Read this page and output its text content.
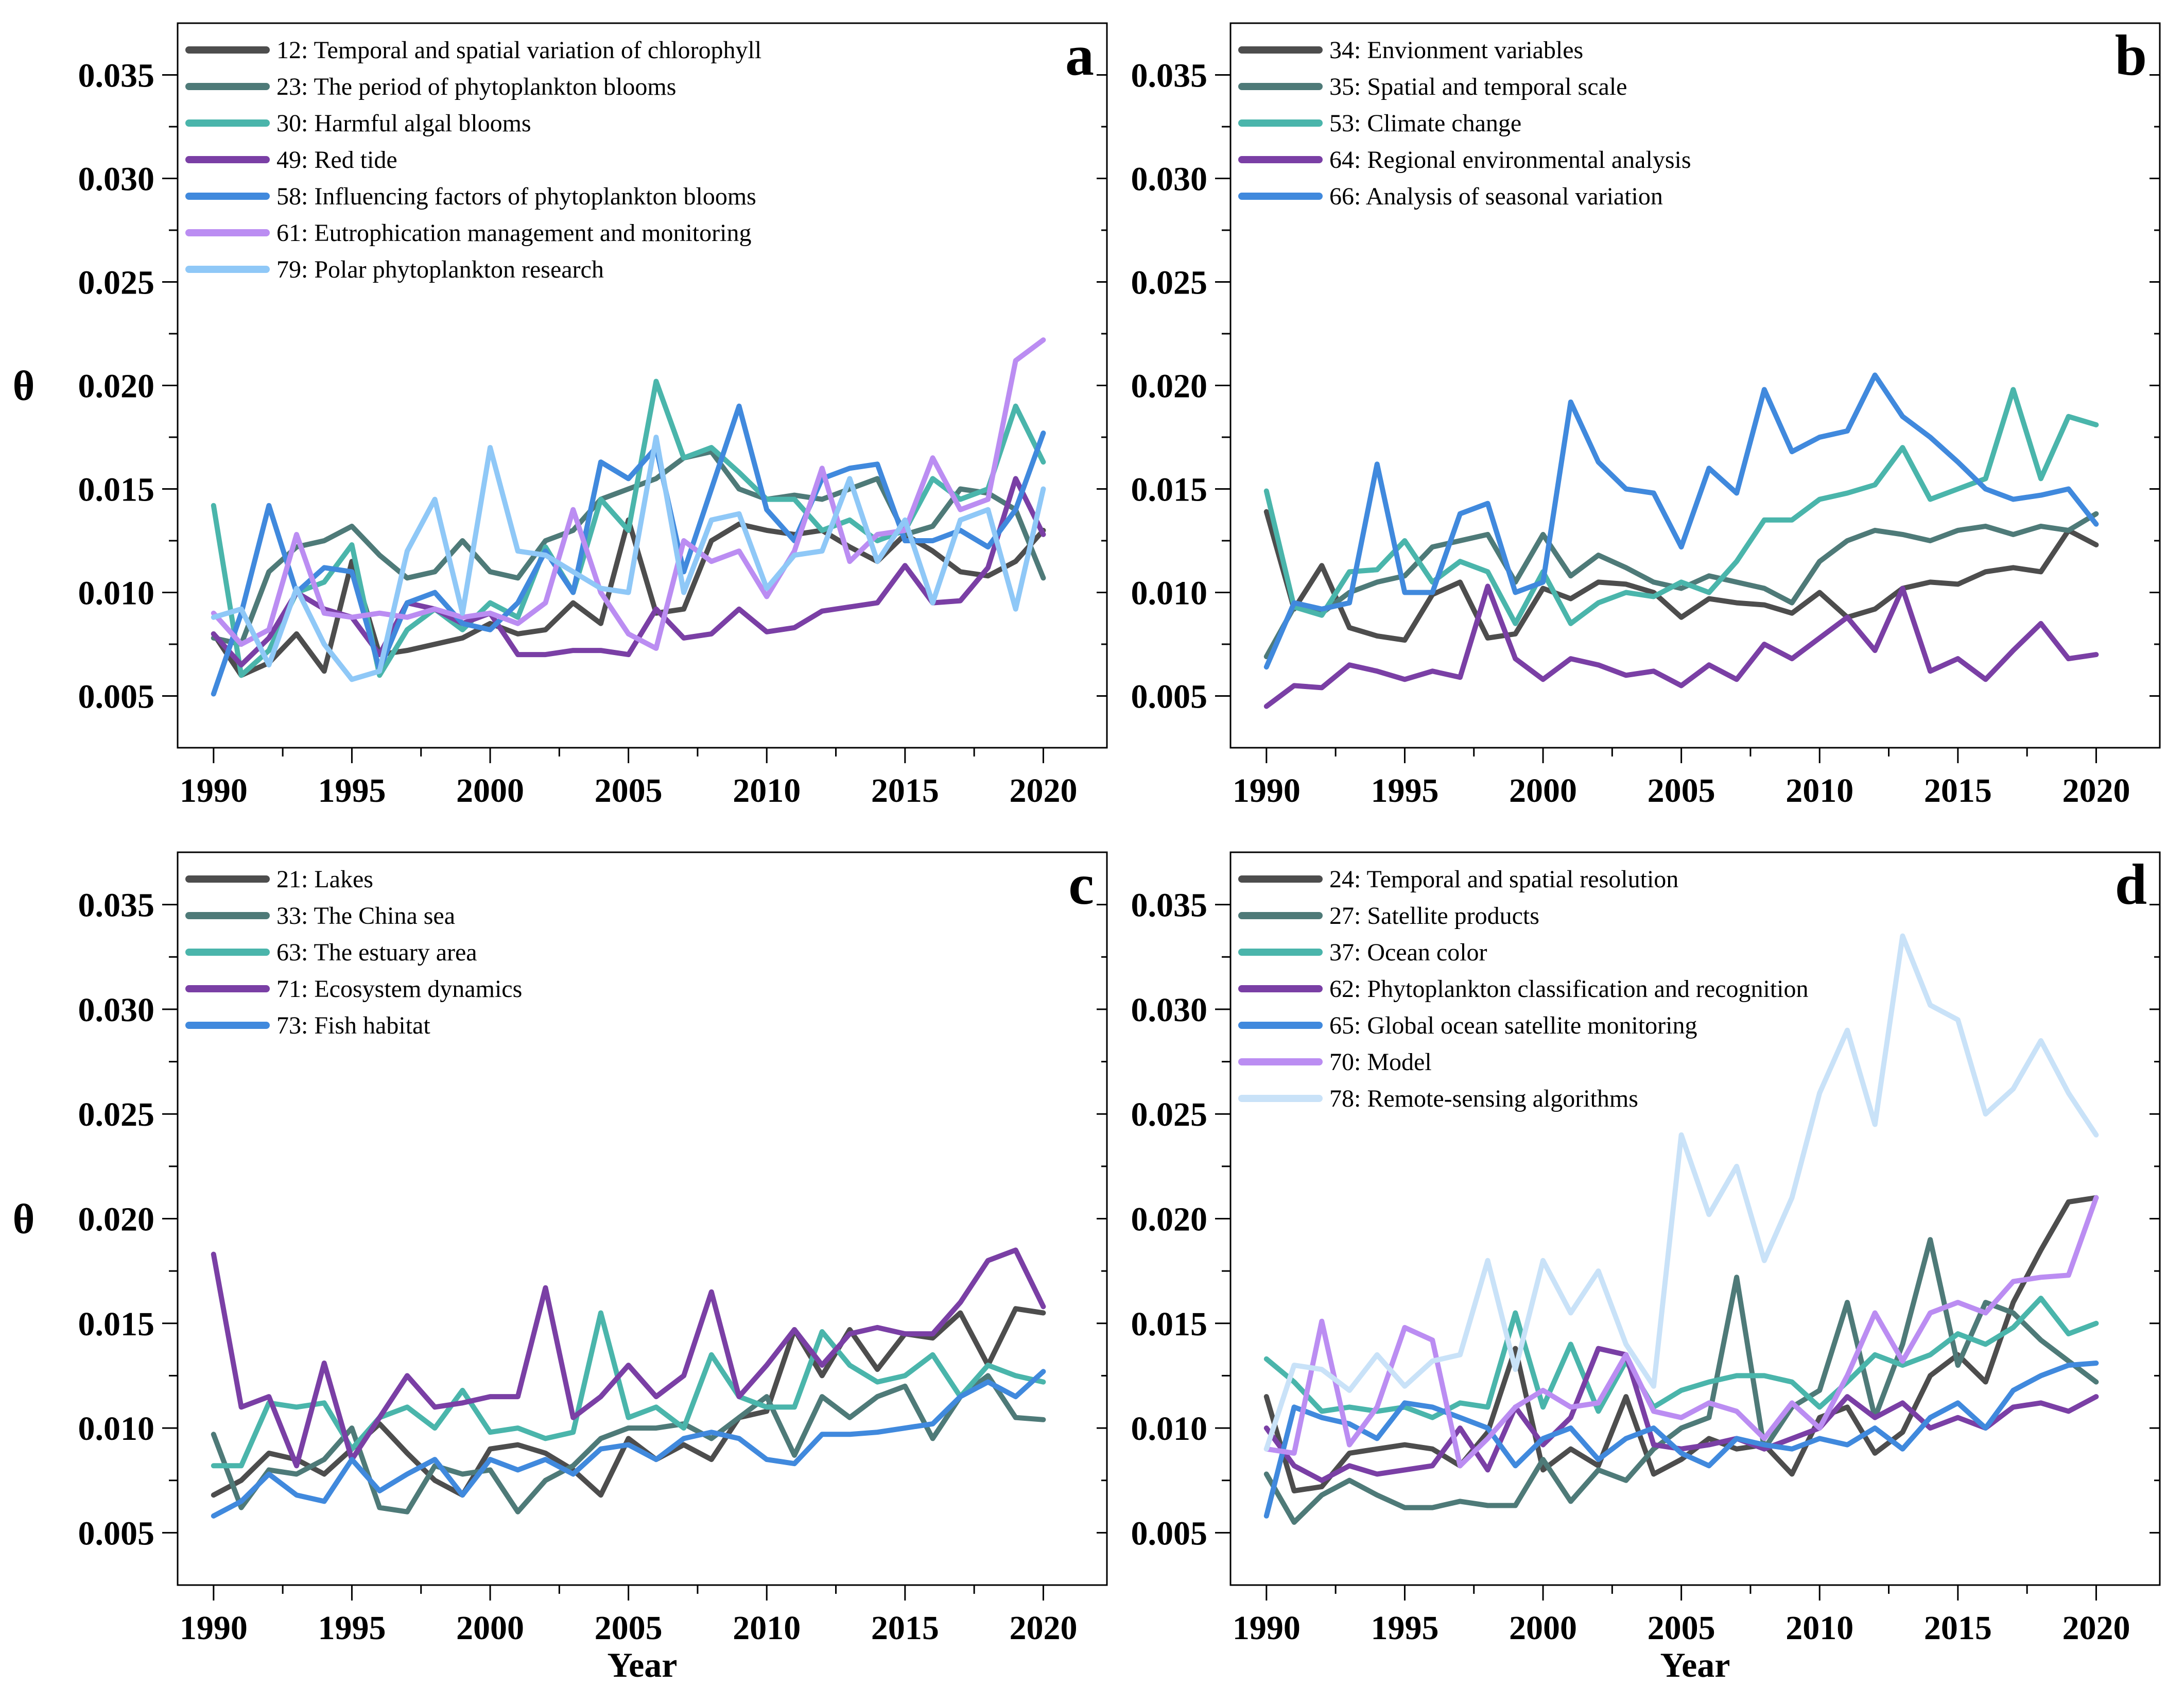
0.005
0.010
0.015
0.020
0.025
0.030
0.035
1990 1995 2000 2005 2010 2015 2020
12: Temporal and spatial variation of chlorophyll
23: The period of phytoplankton blooms
30: Harmful algal blooms
49: Red tide
58: Influencing factors of phytoplankton blooms
61: Eutrophication management and monitoring
79: Polar phytoplankton research
a
θ
0.005
0.010
0.015
0.020
0.025
0.030
0.035
1990 1995 2000 2005 2010 2015 2020
34: Envionment variables
35: Spatial and temporal scale
53: Climate change
64: Regional environmental analysis
66: Analysis of seasonal variation
b
0.005
0.010
0.015
0.020
0.025
0.030
0.035
1990 1995 2000 2005 2010 2015 2020
21: Lakes
33: The China sea
63: The estuary area
71: Ecosystem dynamics
73: Fish habitat
c
θ
Year
0.005
0.010
0.015
0.020
0.025
0.030
0.035
1990 1995 2000 2005 2010 2015 2020
24: Temporal and spatial resolution
27: Satellite products
37: Ocean color
62: Phytoplankton classification and recognition
65: Global ocean satellite monitoring
70: Model
78: Remote-sensing algorithms
d
Year
